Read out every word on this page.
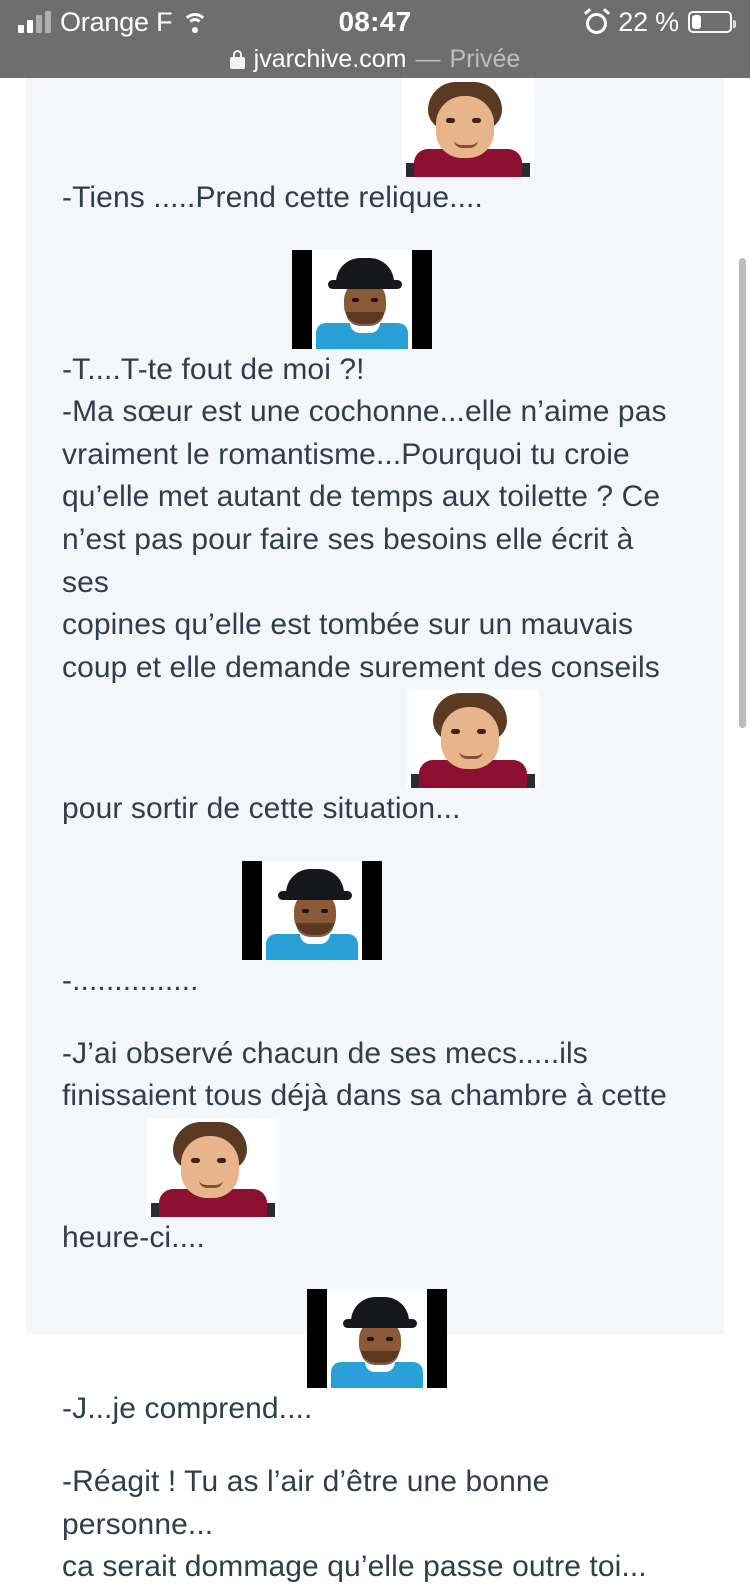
Orange F	08:47	22 %
jvarchive.com — Privée

-Tiens .....Prend cette relique....

-T....T-te fout de moi ?!

-Ma sœur est une cochonne...elle n’aime pas

vraiment le romantisme...Pourquoi tu croie

qu’elle met autant de temps aux toilette ? Ce

n’est pas pour faire ses besoins elle écrit à ses

copines qu’elle est tombée sur un mauvais

coup et elle demande surement des conseils

pour sortir de cette situation...

-...............

-J’ai observé chacun de ses mecs.....ils

finissaient tous déjà dans sa chambre à cette

heure-ci....

-J...je comprend....

-Réagit ! Tu as l’air d’être une bonne personne...

ca serait dommage qu’elle passe outre toi...
